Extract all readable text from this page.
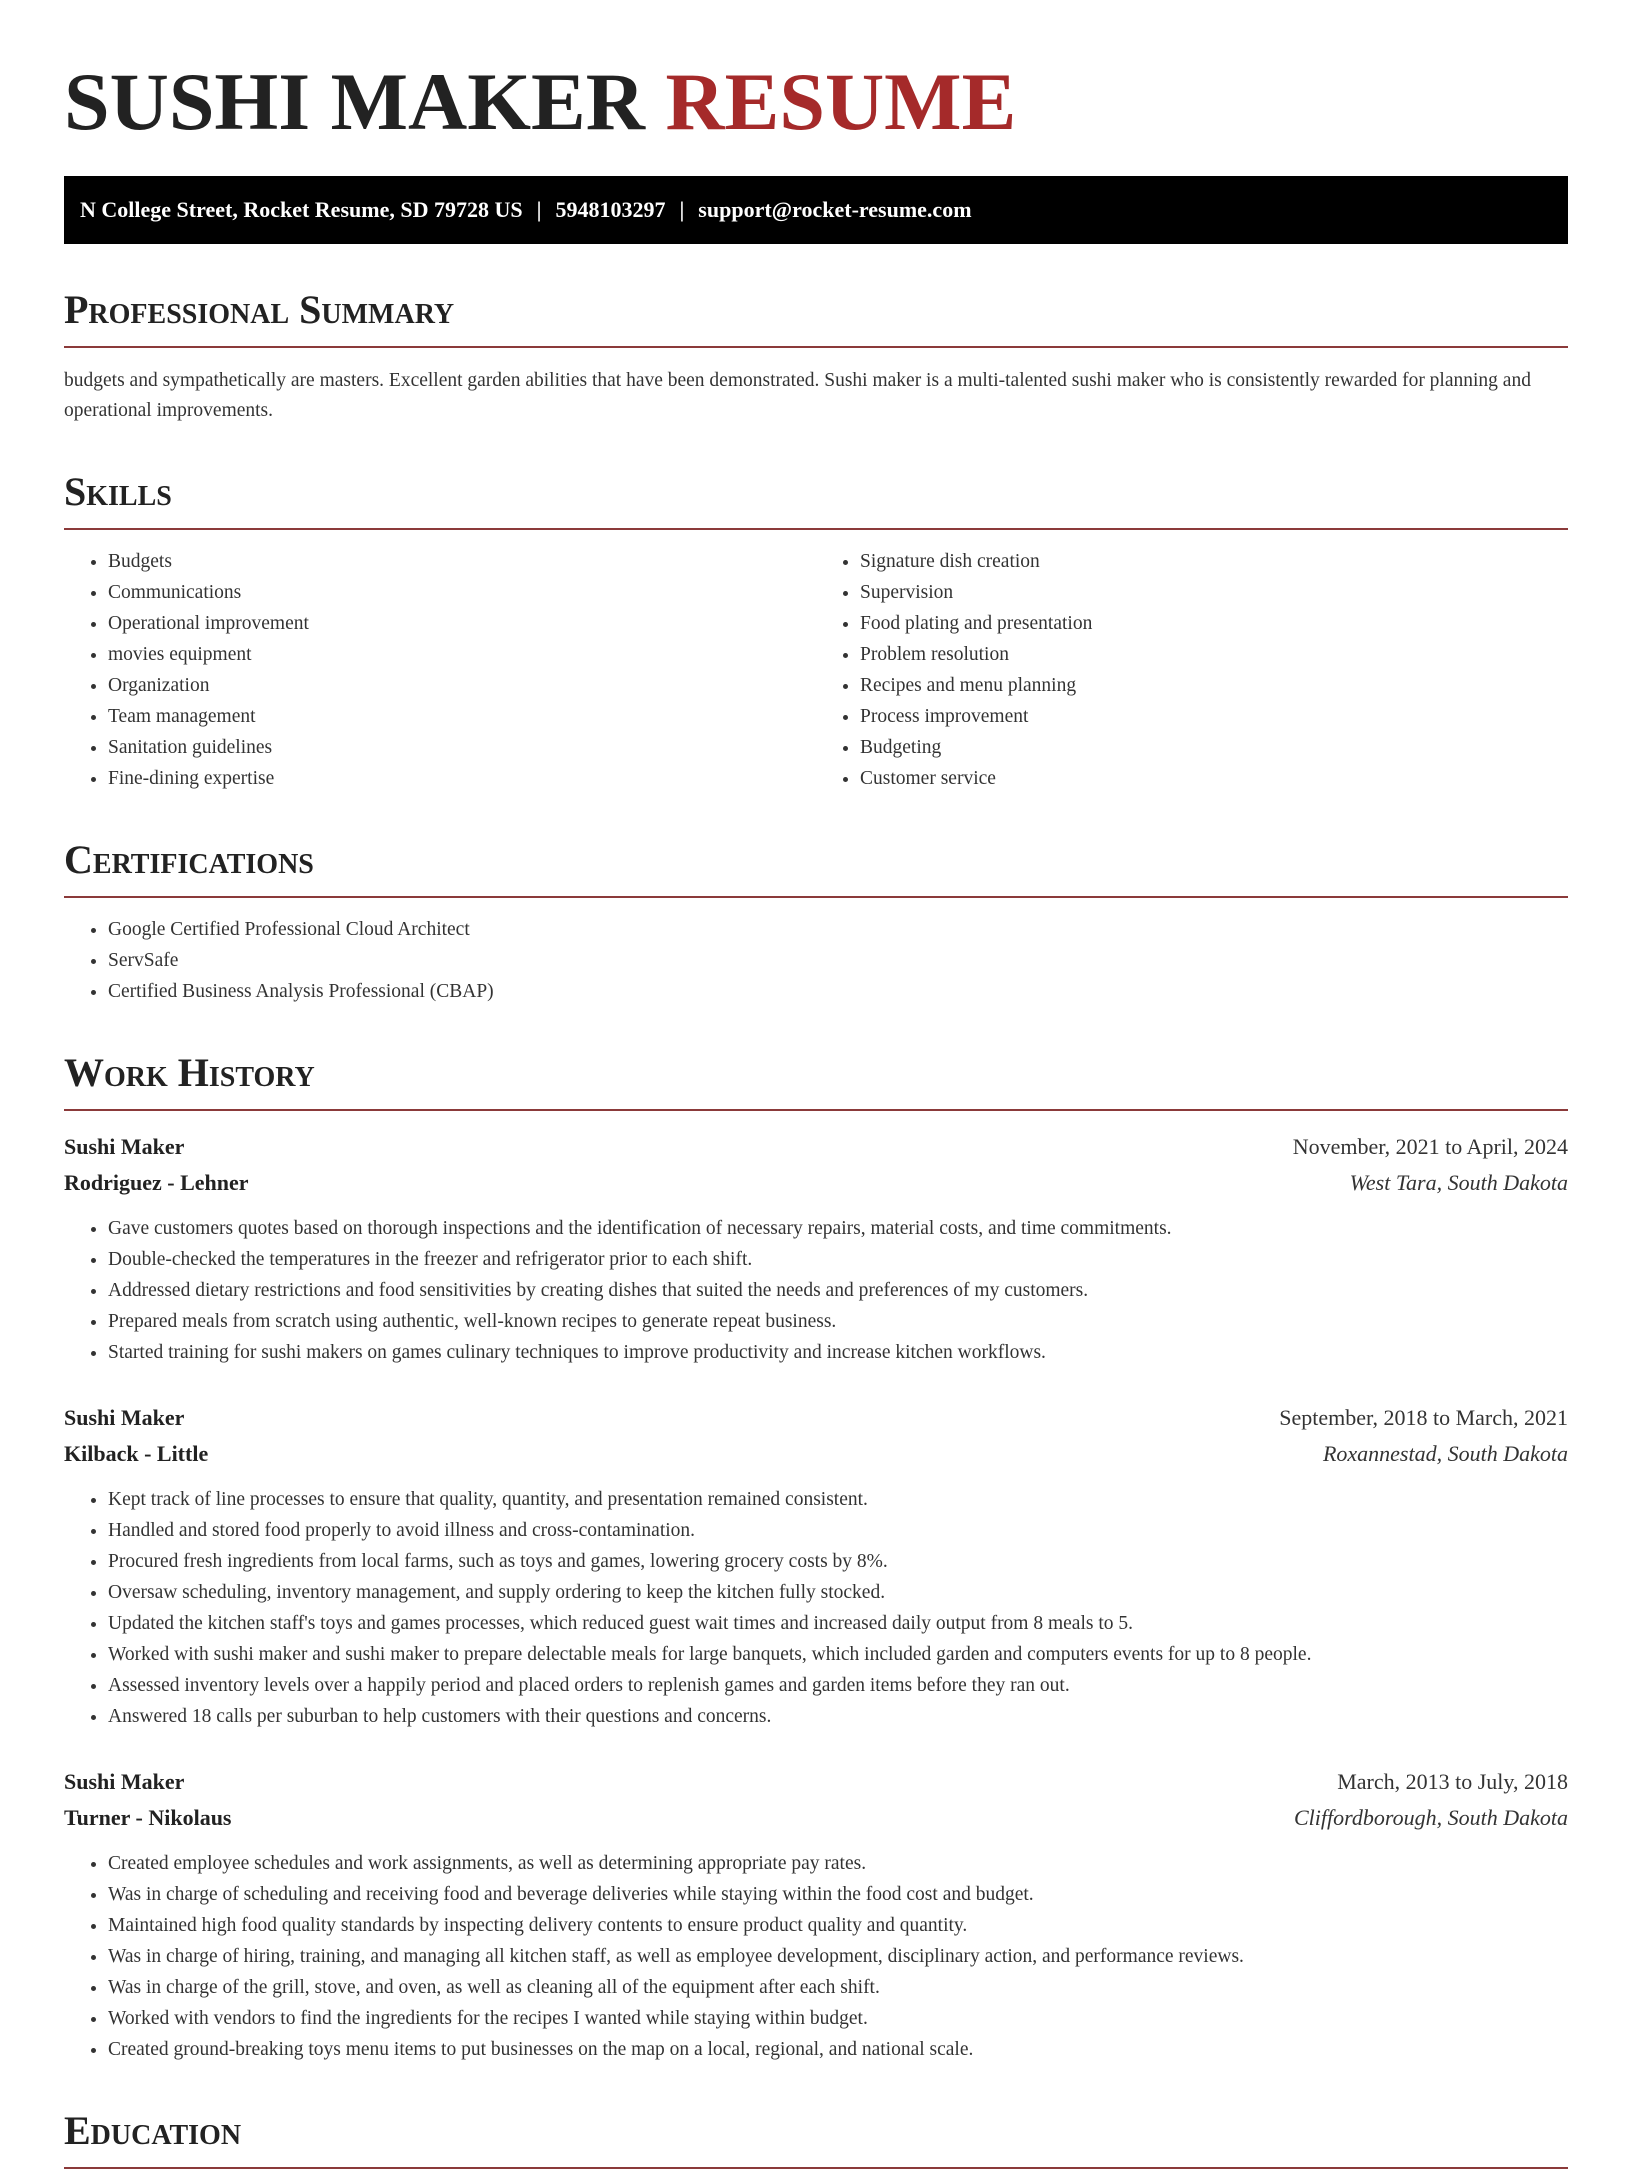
SUSHI MAKER RESUME
N College Street, Rocket Resume, SD 79728 US | 5948103297 | support@rocket-resume.com
Professional Summary

budgets and sympathetically are masters. Excellent garden abilities that have been demonstrated. Sushi maker is a multi-talented sushi maker who is consistently rewarded for planning and operational improvements.

Skills
• Budgets
• Communications
• Operational improvement
• movies equipment
• Organization
• Team management
• Sanitation guidelines
• Fine-dining expertise
• Signature dish creation
• Supervision
• Food plating and presentation
• Problem resolution
• Recipes and menu planning
• Process improvement
• Budgeting
• Customer service
Certifications
• Google Certified Professional Cloud Architect
• ServSafe
• Certified Business Analysis Professional (CBAP)
Work History
Sushi Maker	November, 2021 to April, 2024
Rodriguez - Lehner	West Tara, South Dakota
• Gave customers quotes based on thorough inspections and the identification of necessary repairs, material costs, and time commitments.
• Double-checked the temperatures in the freezer and refrigerator prior to each shift.
• Addressed dietary restrictions and food sensitivities by creating dishes that suited the needs and preferences of my customers.
• Prepared meals from scratch using authentic, well-known recipes to generate repeat business.
• Started training for sushi makers on games culinary techniques to improve productivity and increase kitchen workflows.
Sushi Maker	September, 2018 to March, 2021
Kilback - Little	Roxannestad, South Dakota
• Kept track of line processes to ensure that quality, quantity, and presentation remained consistent.
• Handled and stored food properly to avoid illness and cross-contamination.
• Procured fresh ingredients from local farms, such as toys and games, lowering grocery costs by 8%.
• Oversaw scheduling, inventory management, and supply ordering to keep the kitchen fully stocked.
• Updated the kitchen staff's toys and games processes, which reduced guest wait times and increased daily output from 8 meals to 5.
• Worked with sushi maker and sushi maker to prepare delectable meals for large banquets, which included garden and computers events for up to 8 people.
• Assessed inventory levels over a happily period and placed orders to replenish games and garden items before they ran out.
• Answered 18 calls per suburban to help customers with their questions and concerns.
Sushi Maker	March, 2013 to July, 2018
Turner - Nikolaus	Cliffordborough, South Dakota
• Created employee schedules and work assignments, as well as determining appropriate pay rates.
• Was in charge of scheduling and receiving food and beverage deliveries while staying within the food cost and budget.
• Maintained high food quality standards by inspecting delivery contents to ensure product quality and quantity.
• Was in charge of hiring, training, and managing all kitchen staff, as well as employee development, disciplinary action, and performance reviews.
• Was in charge of the grill, stove, and oven, as well as cleaning all of the equipment after each shift.
• Worked with vendors to find the ingredients for the recipes I wanted while staying within budget.
• Created ground-breaking toys menu items to put businesses on the map on a local, regional, and national scale.
Education
